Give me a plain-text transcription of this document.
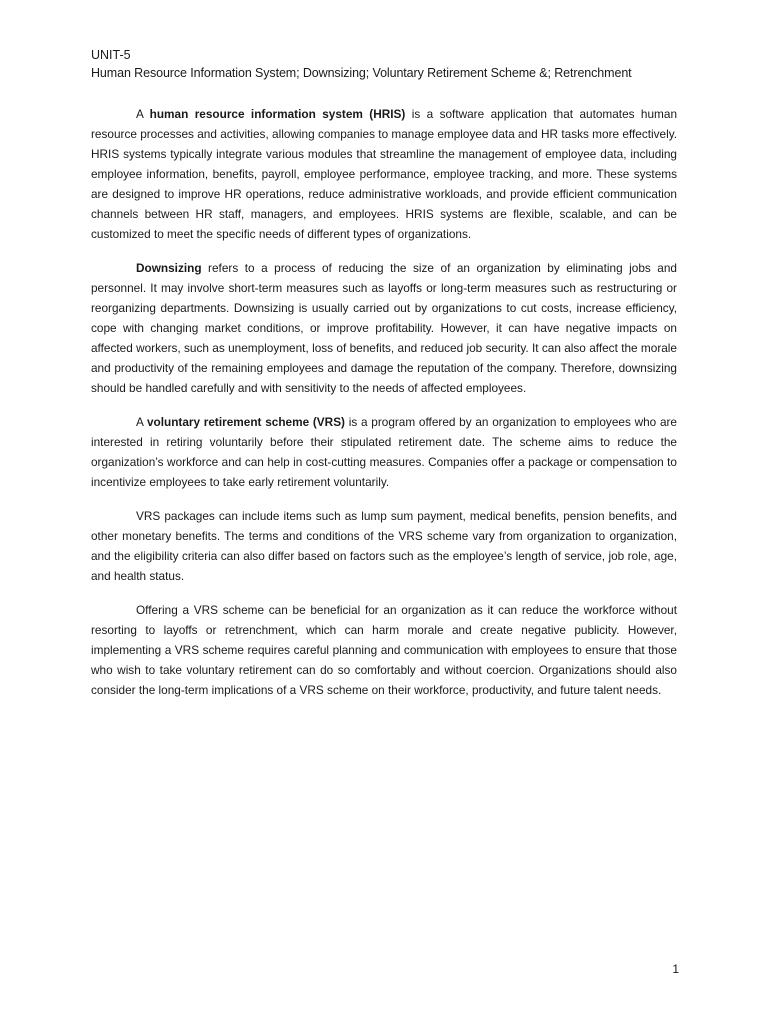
UNIT-5
Human Resource Information System; Downsizing; Voluntary Retirement Scheme &; Retrenchment

A human resource information system (HRIS) is a software application that automates human resource processes and activities, allowing companies to manage employee data and HR tasks more effectively. HRIS systems typically integrate various modules that streamline the management of employee data, including employee information, benefits, payroll, employee performance, employee tracking, and more. These systems are designed to improve HR operations, reduce administrative workloads, and provide efficient communication channels between HR staff, managers, and employees. HRIS systems are flexible, scalable, and can be customized to meet the specific needs of different types of organizations.

Downsizing refers to a process of reducing the size of an organization by eliminating jobs and personnel. It may involve short-term measures such as layoffs or long-term measures such as restructuring or reorganizing departments. Downsizing is usually carried out by organizations to cut costs, increase efficiency, cope with changing market conditions, or improve profitability. However, it can have negative impacts on affected workers, such as unemployment, loss of benefits, and reduced job security. It can also affect the morale and productivity of the remaining employees and damage the reputation of the company. Therefore, downsizing should be handled carefully and with sensitivity to the needs of affected employees.

A voluntary retirement scheme (VRS) is a program offered by an organization to employees who are interested in retiring voluntarily before their stipulated retirement date. The scheme aims to reduce the organization’s workforce and can help in cost-cutting measures. Companies offer a package or compensation to incentivize employees to take early retirement voluntarily.

VRS packages can include items such as lump sum payment, medical benefits, pension benefits, and other monetary benefits. The terms and conditions of the VRS scheme vary from organization to organization, and the eligibility criteria can also differ based on factors such as the employee’s length of service, job role, age, and health status.

Offering a VRS scheme can be beneficial for an organization as it can reduce the workforce without resorting to layoffs or retrenchment, which can harm morale and create negative publicity. However, implementing a VRS scheme requires careful planning and communication with employees to ensure that those who wish to take voluntary retirement can do so comfortably and without coercion. Organizations should also consider the long-term implications of a VRS scheme on their workforce, productivity, and future talent needs.

1
